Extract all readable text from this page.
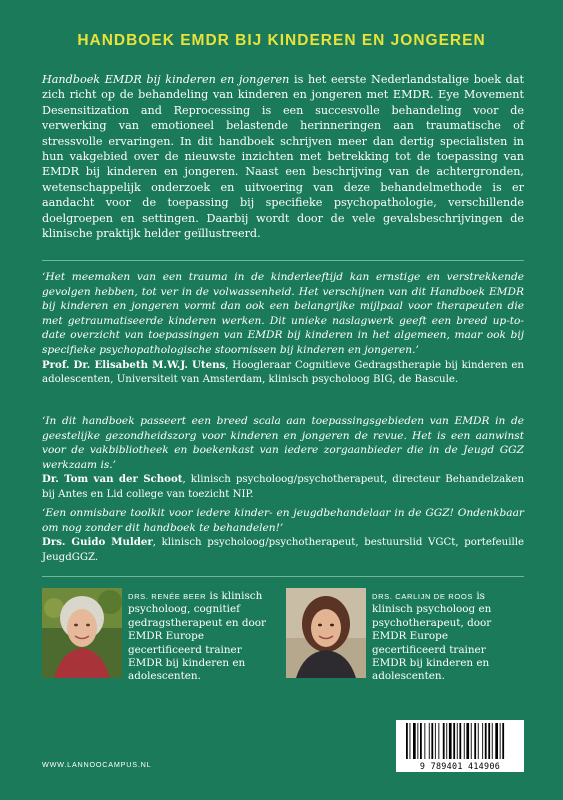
HANDBOEK EMDR BIJ KINDEREN EN JONGEREN
Handboek EMDR bij kinderen en jongeren is het eerste Nederlandstalige boek dat zich richt op de behandeling van kinderen en jongeren met EMDR. Eye Movement Desensitization and Reprocessing is een succesvolle behandeling voor de verwerking van emotioneel belastende herinneringen aan traumatische of stressvolle ervaringen. In dit handboek schrijven meer dan dertig specialisten in hun vakgebied over de nieuwste inzichten met betrekking tot de toepassing van EMDR bij kinderen en jongeren. Naast een beschrijving van de achtergronden, wetenschappelijk onderzoek en uitvoering van deze behandelmethode is er aandacht voor de toepassing bij specifieke psychopathologie, verschillende doelgroepen en settingen. Daarbij wordt door de vele gevalsbeschrijvingen de klinische praktijk helder geïllustreerd.
‘Het meemaken van een trauma in de kinderleeftijd kan ernstige en verstrekkende gevolgen hebben, tot ver in de volwassenheid. Het verschijnen van dit Handboek EMDR bij kinderen en jongeren vormt dan ook een belangrijke mijlpaal voor therapeuten die met getraumatiseerde kinderen werken. Dit unieke naslagwerk geeft een breed up-to-date overzicht van toepassingen van EMDR bij kinderen in het algemeen, maar ook bij specifieke psychopathologische stoornissen bij kinderen en jongeren.’
Prof. Dr. Elisabeth M.W.J. Utens, Hoogleraar Cognitieve Gedragstherapie bij kinderen en adolescenten, Universiteit van Amsterdam, klinisch psycholoog BIG, de Bascule.
‘In dit handboek passeert een breed scala aan toepassingsgebieden van EMDR in de geestelijke gezondheidszorg voor kinderen en jongeren de revue. Het is een aanwinst voor de vakbibliotheek en boekenkast van iedere zorgaanbieder die in de Jeugd GGZ werkzaam is.’
Dr. Tom van der Schoot, klinisch psycholoog/psychotherapeut, directeur Behandelzaken bij Antes en Lid college van toezicht NIP.
‘Een onmisbare toolkit voor iedere kinder- en jeugdbehandelaar in de GGZ! Ondenkbaar om nog zonder dit handboek te behandelen!’
Drs. Guido Mulder, klinisch psycholoog/psychotherapeut, bestuurslid VGCt, portefeuille JeugdGGZ.
DRS. RENÉE BEER is klinisch psycholoog, cognitief gedragstherapeut en door EMDR Europe gecertificeerd trainer EMDR bij kinderen en adolescenten.
DRS. CARLIJN DE ROOS is klinisch psycholoog en psychotherapeut, door EMDR Europe gecertificeerd trainer EMDR bij kinderen en adolescenten.
WWW.LANNOOCAMPUS.NL	9 789401 414906
